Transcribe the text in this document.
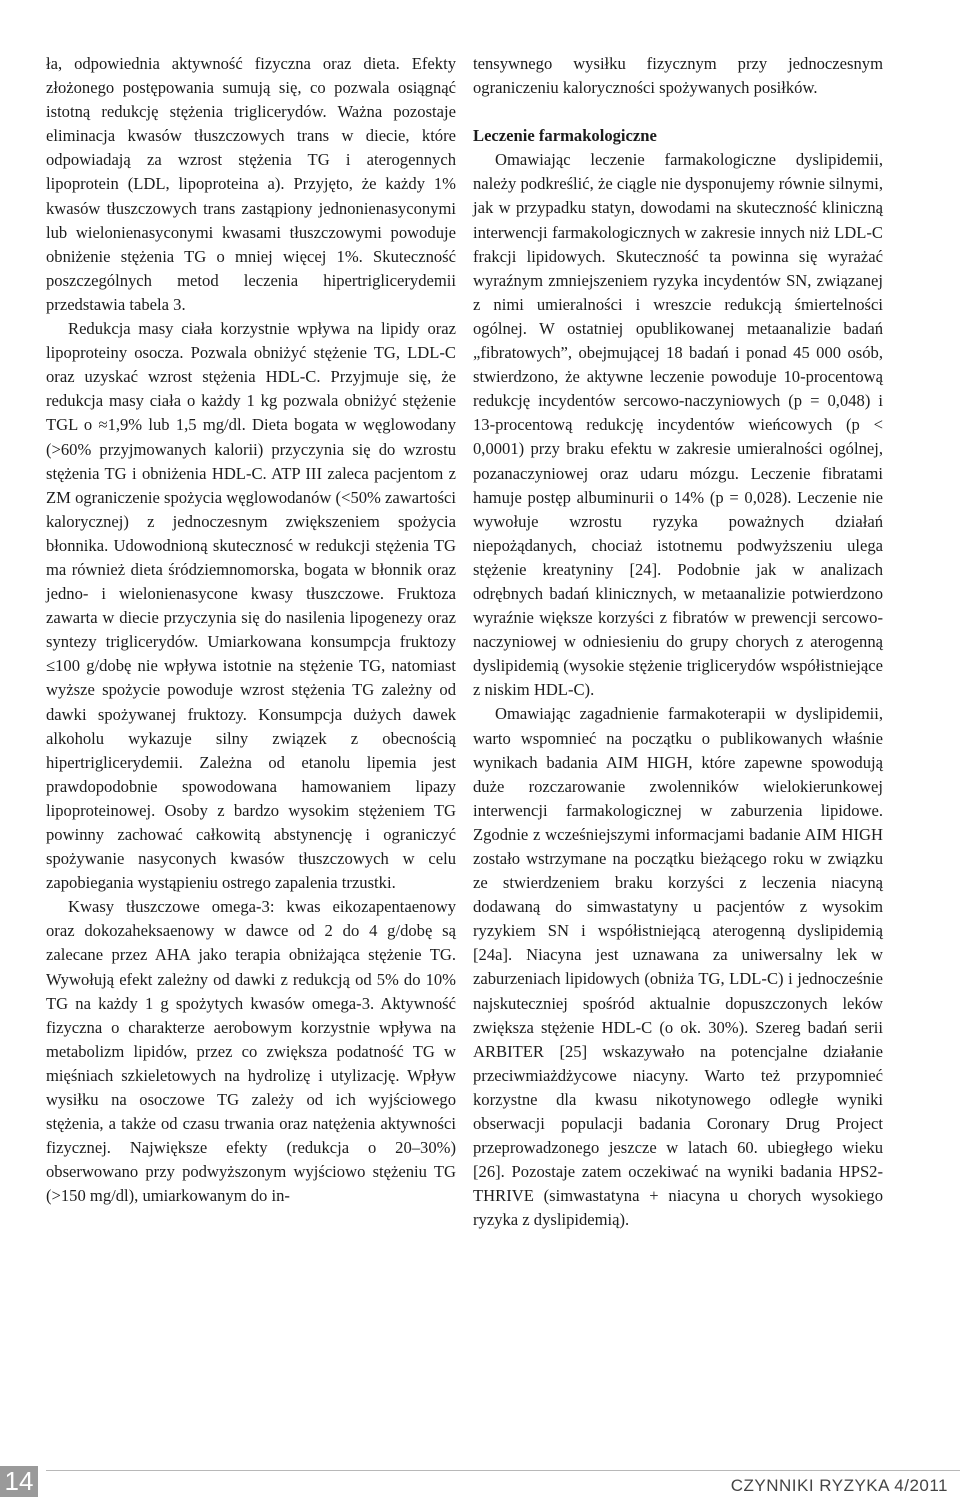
ła, odpowiednia aktywność fizyczna oraz dieta. Efekty złożonego postępowania sumują się, co pozwala osiągnąć istotną redukcję stężenia triglicerydów. Ważna pozostaje eliminacja kwasów tłuszczowych trans w diecie, które odpowiadają za wzrost stężenia TG i aterogennych lipoprotein (LDL, lipoproteina a). Przyjęto, że każdy 1% kwasów tłuszczowych trans zastąpiony jednonienasyconymi lub wielonienasyconymi kwasami tłuszczowymi powoduje obniżenie stężenia TG o mniej więcej 1%. Skuteczność poszczególnych metod leczenia hipertriglicerydemii przedstawia tabela 3.

Redukcja masy ciała korzystnie wpływa na lipidy oraz lipoproteiny osocza. Pozwala obniżyć stężenie TG, LDL-C oraz uzyskać wzrost stężenia HDL-C. Przyjmuje się, że redukcja masy ciała o każdy 1 kg pozwala obniżyć stężenie TGL o ≈1,9% lub 1,5 mg/dl. Dieta bogata w węglowodany (>60% przyjmowanych kalorii) przyczynia się do wzrostu stężenia TG i obniżenia HDL-C. ATP III zaleca pacjentom z ZM ograniczenie spożycia węglowodanów (<50% zawartości kalorycznej) z jednoczesnym zwiększeniem spożycia błonnika. Udowodnioną skutecznosć w redukcji stężenia TG ma również dieta śródziemnomorska, bogata w błonnik oraz jedno- i wielonienasycone kwasy tłuszczowe. Fruktoza zawarta w diecie przyczynia się do nasilenia lipogenezy oraz syntezy triglicerydów. Umiarkowana konsumpcja fruktozy ≤100 g/dobę nie wpływa istotnie na stężenie TG, natomiast wyższe spożycie powoduje wzrost stężenia TG zależny od dawki spożywanej fruktozy. Konsumpcja dużych dawek alkoholu wykazuje silny związek z obecnością hipertriglicerydemii. Zależna od etanolu lipemia jest prawdopodobnie spowodowana hamowaniem lipazy lipoproteinowej. Osoby z bardzo wysokim stężeniem TG powinny zachować całkowitą abstynencję i ograniczyć spożywanie nasyconych kwasów tłuszczowych w celu zapobiegania wystąpieniu ostrego zapalenia trzustki.

Kwasy tłuszczowe omega-3: kwas eikozapentaenowy oraz dokozaheksaenowy w dawce od 2 do 4 g/dobę są zalecane przez AHA jako terapia obniżająca stężenie TG. Wywołują efekt zależny od dawki z redukcją od 5% do 10% TG na każdy 1 g spożytych kwasów omega-3. Aktywność fizyczna o charakterze aerobowym korzystnie wpływa na metabolizm lipidów, przez co zwiększa podatność TG w mięśniach szkieletowych na hydrolizę i utylizację. Wpływ wysiłku na osoczowe TG zależy od ich wyjściowego stężenia, a także od czasu trwania oraz natężenia aktywności fizycznej. Największe efekty (redukcja o 20–30%) obserwowano przy podwyższonym wyjściowo stężeniu TG (>150 mg/dl), umiarkowanym do in-

tensywnego wysiłku fizycznym przy jednoczesnym ograniczeniu kaloryczności spożywanych posiłków.

Leczenie farmakologiczne

Omawiając leczenie farmakologiczne dyslipidemii, należy podkreślić, że ciągle nie dysponujemy równie silnymi, jak w przypadku statyn, dowodami na skuteczność kliniczną interwencji farmakologicznych w zakresie innych niż LDL-C frakcji lipidowych. Skuteczność ta powinna się wyrażać wyraźnym zmniejszeniem ryzyka incydentów SN, związanej z nimi umieralności i wreszcie redukcją śmiertelności ogólnej. W ostatniej opublikowanej metaanalizie badań „fibratowych”, obejmującej 18 badań i ponad 45 000 osób, stwierdzono, że aktywne leczenie powoduje 10-procentową redukcję incydentów sercowo-naczyniowych (p = 0,048) i 13-procentową redukcję incydentów wieńcowych (p < 0,0001) przy braku efektu w zakresie umieralności ogólnej, pozanaczyniowej oraz udaru mózgu. Leczenie fibratami hamuje postęp albuminurii o 14% (p = 0,028). Leczenie nie wywołuje wzrostu ryzyka poważnych działań niepożądanych, chociaż istotnemu podwyższeniu ulega stężenie kreatyniny [24]. Podobnie jak w analizach odrębnych badań klinicznych, w metaanalizie potwierdzono wyraźnie większe korzyści z fibratów w prewencji sercowo-naczyniowej w odniesieniu do grupy chorych z aterogenną dyslipidemią (wysokie stężenie triglicerydów współistniejące z niskim HDL-C).

Omawiając zagadnienie farmakoterapii w dyslipidemii, warto wspomnieć na początku o publikowanych właśnie wynikach badania AIM HIGH, które zapewne spowodują duże rozczarowanie zwolenników wielokierunkowej interwencji farmakologicznej w zaburzenia lipidowe. Zgodnie z wcześniejszymi informacjami badanie AIM HIGH zostało wstrzymane na początku bieżącego roku w związku ze stwierdzeniem braku korzyści z leczenia niacyną dodawaną do simwastatyny u pacjentów z wysokim ryzykiem SN i współistniejącą aterogenną dyslipidemią [24a]. Niacyna jest uznawana za uniwersalny lek w zaburzeniach lipidowych (obniża TG, LDL-C) i jednocześnie najskuteczniej spośród aktualnie dopuszczonych leków zwiększa stężenie HDL-C (o ok. 30%). Szereg badań serii ARBITER [25] wskazywało na potencjalne działanie przeciwmiażdżycowe niacyny. Warto też przypomnieć korzystne dla kwasu nikotynowego odległe wyniki obserwacji populacji badania Coronary Drug Project przeprowadzonego jeszcze w latach 60. ubiegłego wieku [26]. Pozostaje zatem oczekiwać na wyniki badania HPS2-THRIVE (simwastatyna + niacyna u chorych wysokiego ryzyka z dyslipidemią).

14	CZYNNIKI RYZYKA 4/2011
